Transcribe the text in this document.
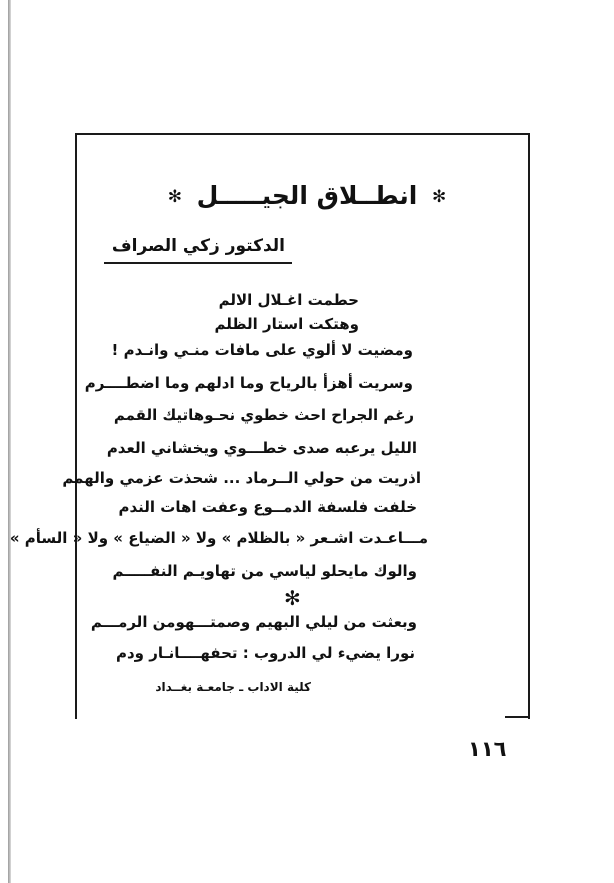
✻ انطــلاق الجيـــــل ✻
الدكتور زكي الصراف
حطمت اغـلال الالم
وهتكت استار الظلم
ومضيت لا ألوي على مافات منـي وانـدم !
وسريت أهزأ بالرياح وما ادلهم وما اضطــــرم
رغم الجراح احث خطوي نحـوهاتيك القمم
الليل يرعبه صدى خطـــوي ويخشاني العدم
اذريت من حولي الــرماد ... شحذت عزمي والهمم
خلفت فلسفة الدمــوع وعفت اهات الندم
مـــاعـدت اشـعر « بالظلام » ولا « الضياع » ولا « السأم »
والوك مايحلو لياسي من تهاويـم النفـــــم
✻
وبعثت من ليلي البهيم وصمتـــهومن الرمـــم
نورا يضيء لي الدروب : تحفهــــانـار ودم
كلية الاداب ـ جامعـة بغــداد
١١٦
